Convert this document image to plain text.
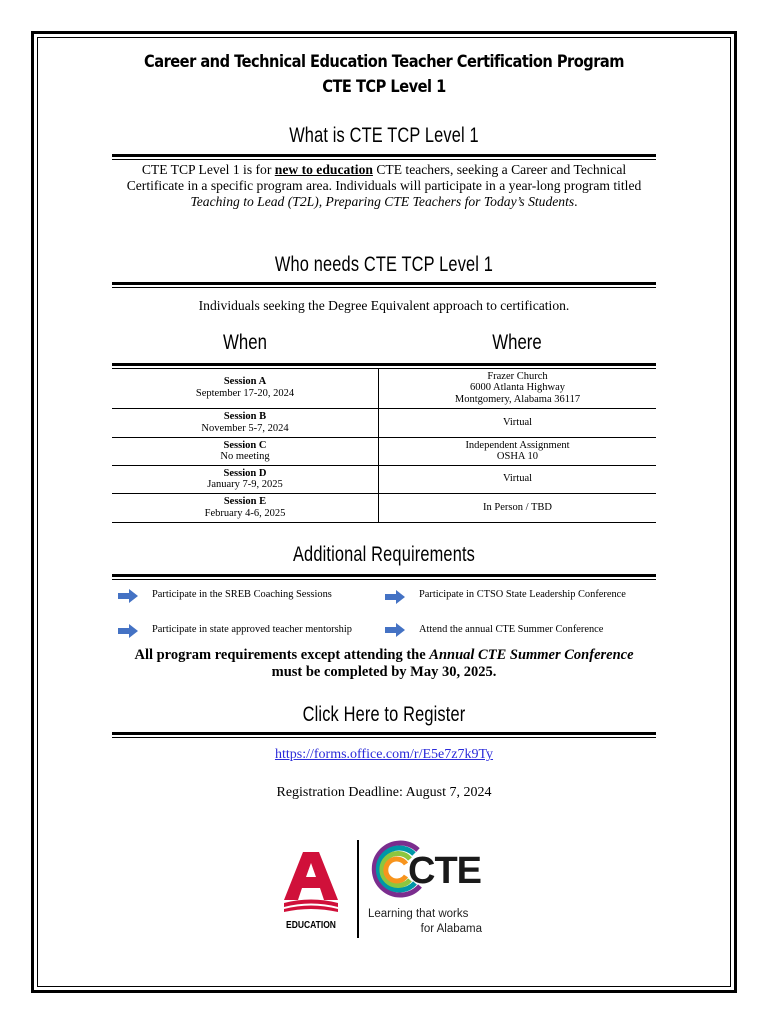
Career and Technical Education Teacher Certification Program
CTE TCP Level 1
What is CTE TCP Level 1
CTE TCP Level 1 is for new to education CTE teachers, seeking a Career and Technical Certificate in a specific program area. Individuals will participate in a year-long program titled Teaching to Lead (T2L), Preparing CTE Teachers for Today’s Students.
Who needs CTE TCP Level 1
Individuals seeking the Degree Equivalent approach to certification.
When	Where
Session A
September 17-20, 2024	Frazer Church
6000 Atlanta Highway
Montgomery, Alabama 36117
Session B
November 5-7, 2024	Virtual
Session C
No meeting	Independent Assignment
OSHA 10
Session D
January 7-9, 2025	Virtual
Session E
February 4-6, 2025	In Person / TBD
Additional Requirements
Participate in the SREB Coaching Sessions	Participate in CTSO State Leadership Conference
Participate in state approved teacher mentorship	Attend the annual CTE Summer Conference
All program requirements except attending the Annual CTE Summer Conference
must be completed by May 30, 2025.
Click Here to Register
https://forms.office.com/r/E5e7z7k9Ty
Registration Deadline: August 7, 2024
EDUCATION
CTE
Learning that works
for Alabama
